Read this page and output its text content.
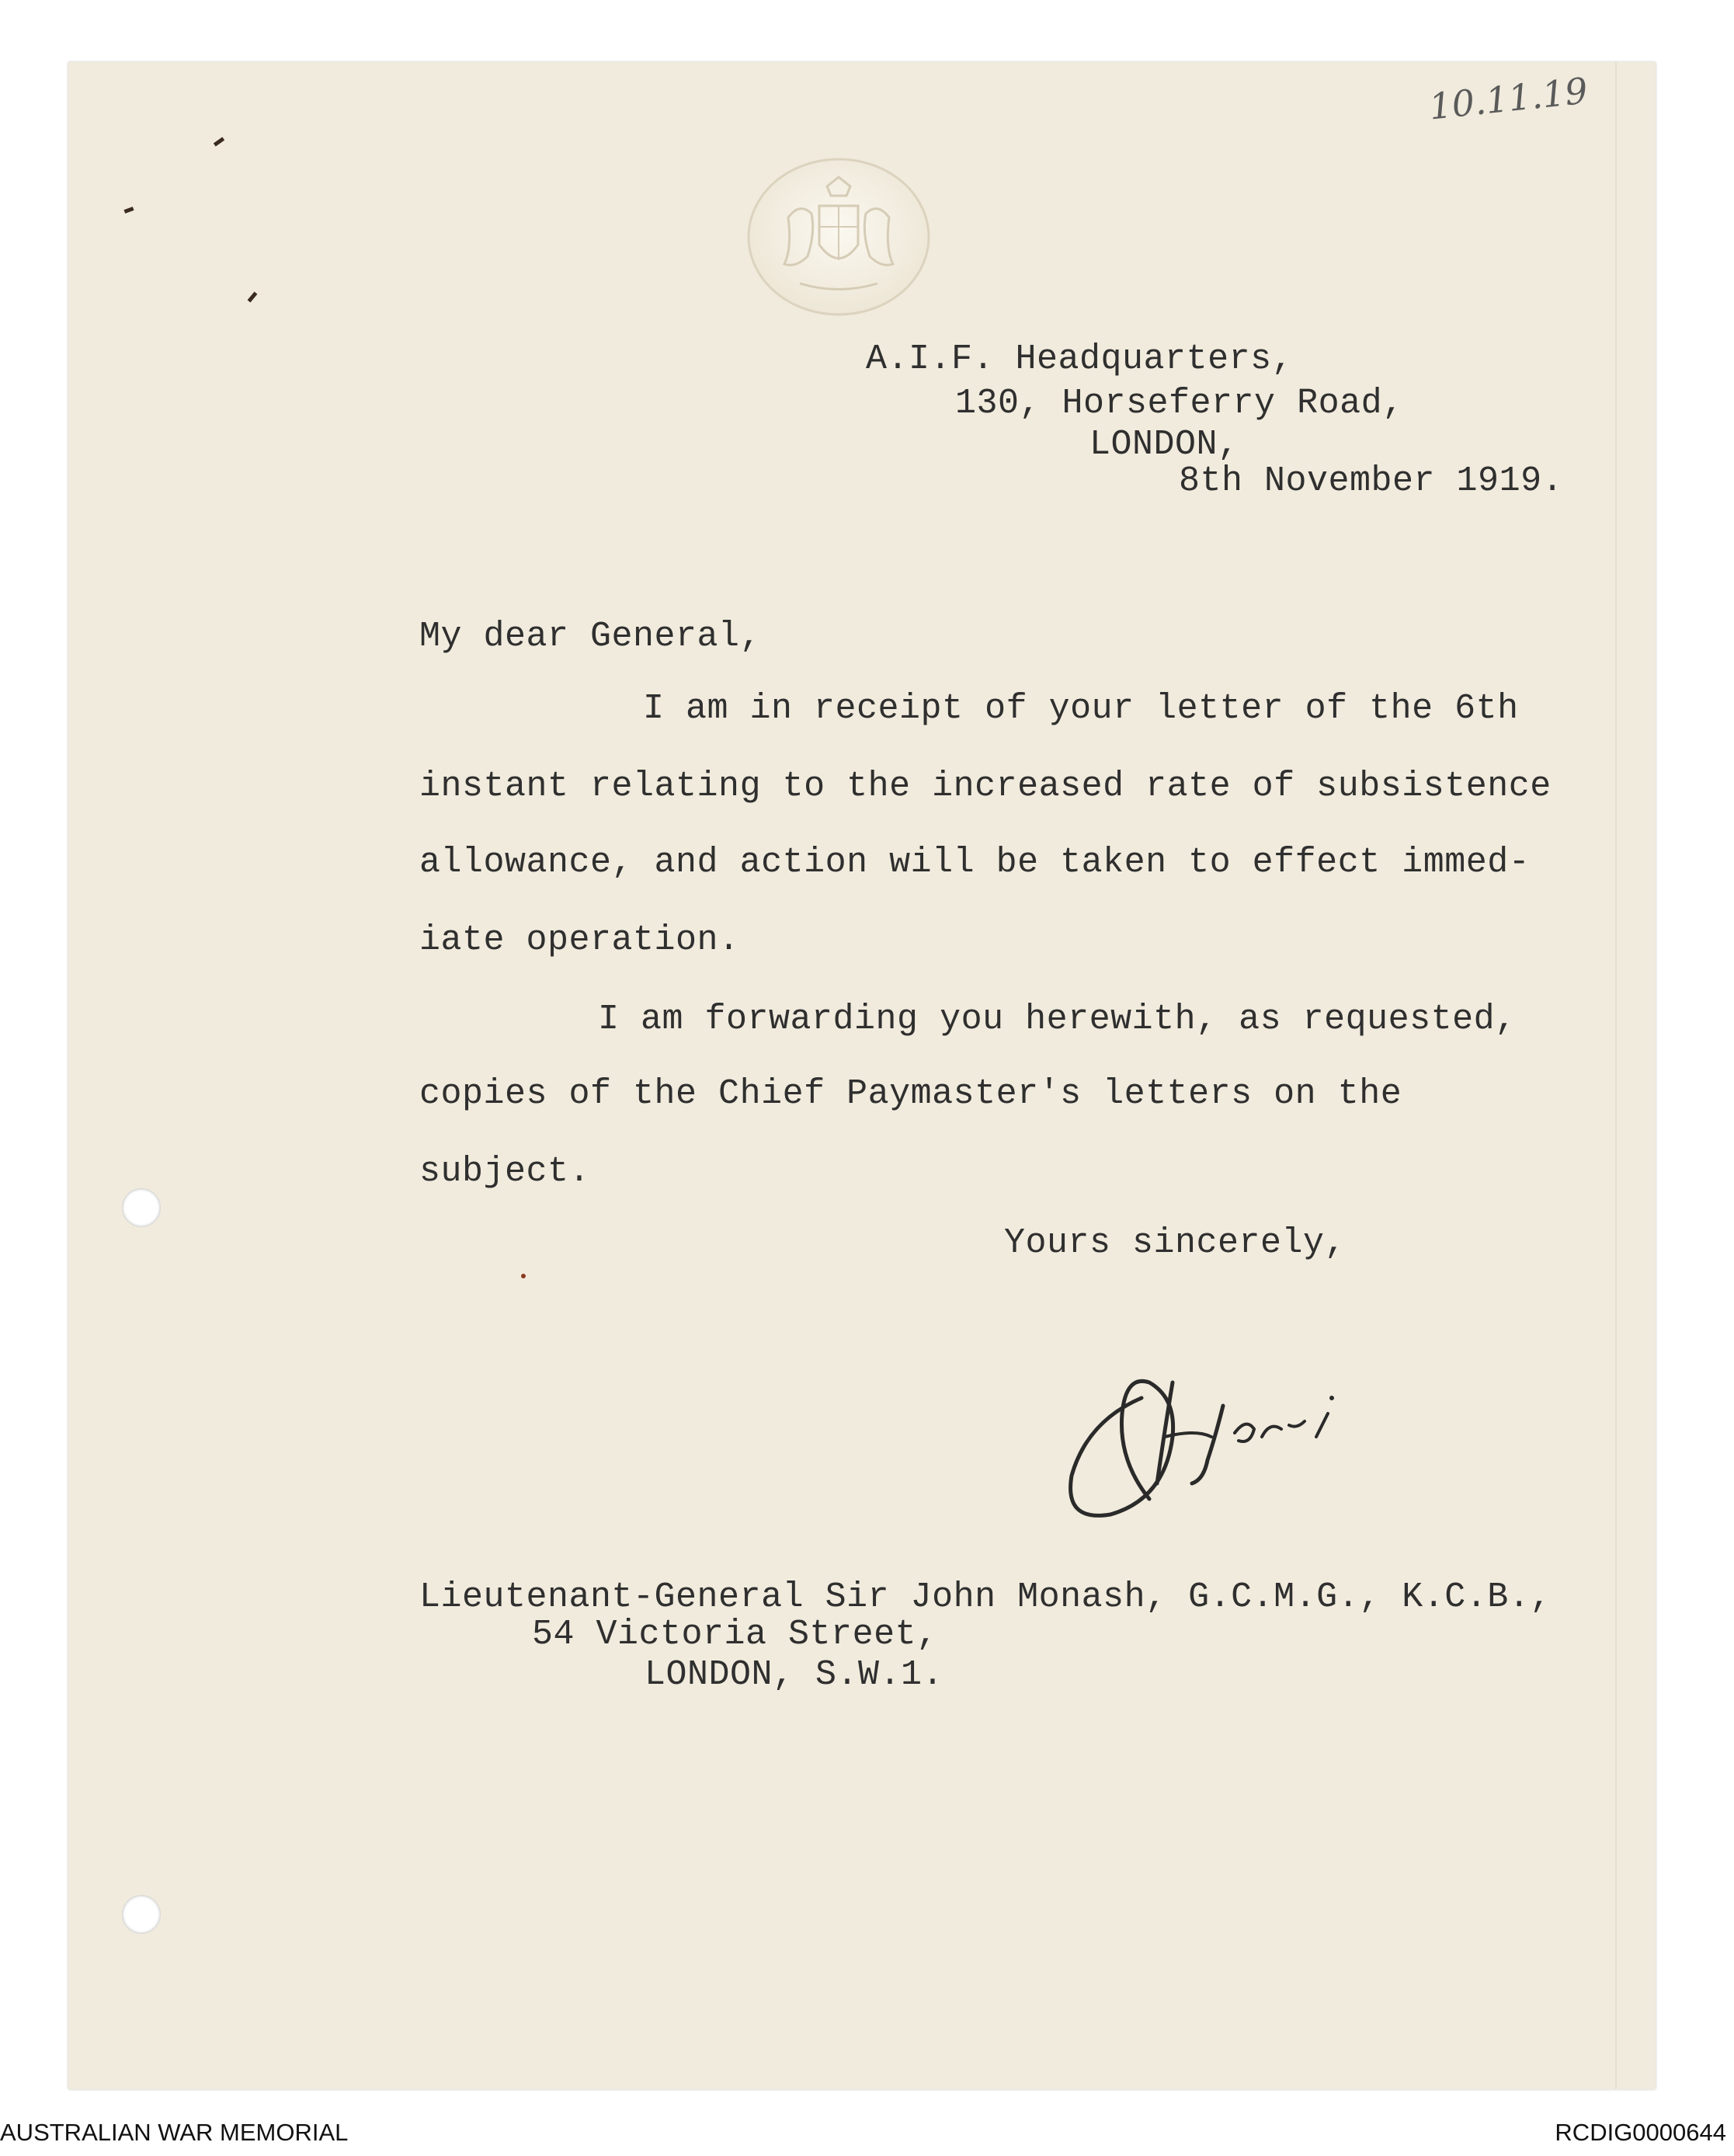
10.11.19
A.I.F. Headquarters,
130, Horseferry Road,
LONDON,
8th November 1919.
My dear General,
I am in receipt of your letter of the 6th
instant relating to the increased rate of subsistence
allowance, and action will be taken to effect immed-
iate operation.
I am forwarding you herewith, as requested,
copies of the Chief Paymaster's letters on the
subject.
Yours sincerely,
Lieutenant-General Sir John Monash, G.C.M.G., K.C.B.,
54 Victoria Street,
LONDON, S.W.1.
AUSTRALIAN WAR MEMORIAL	RCDIG0000644
